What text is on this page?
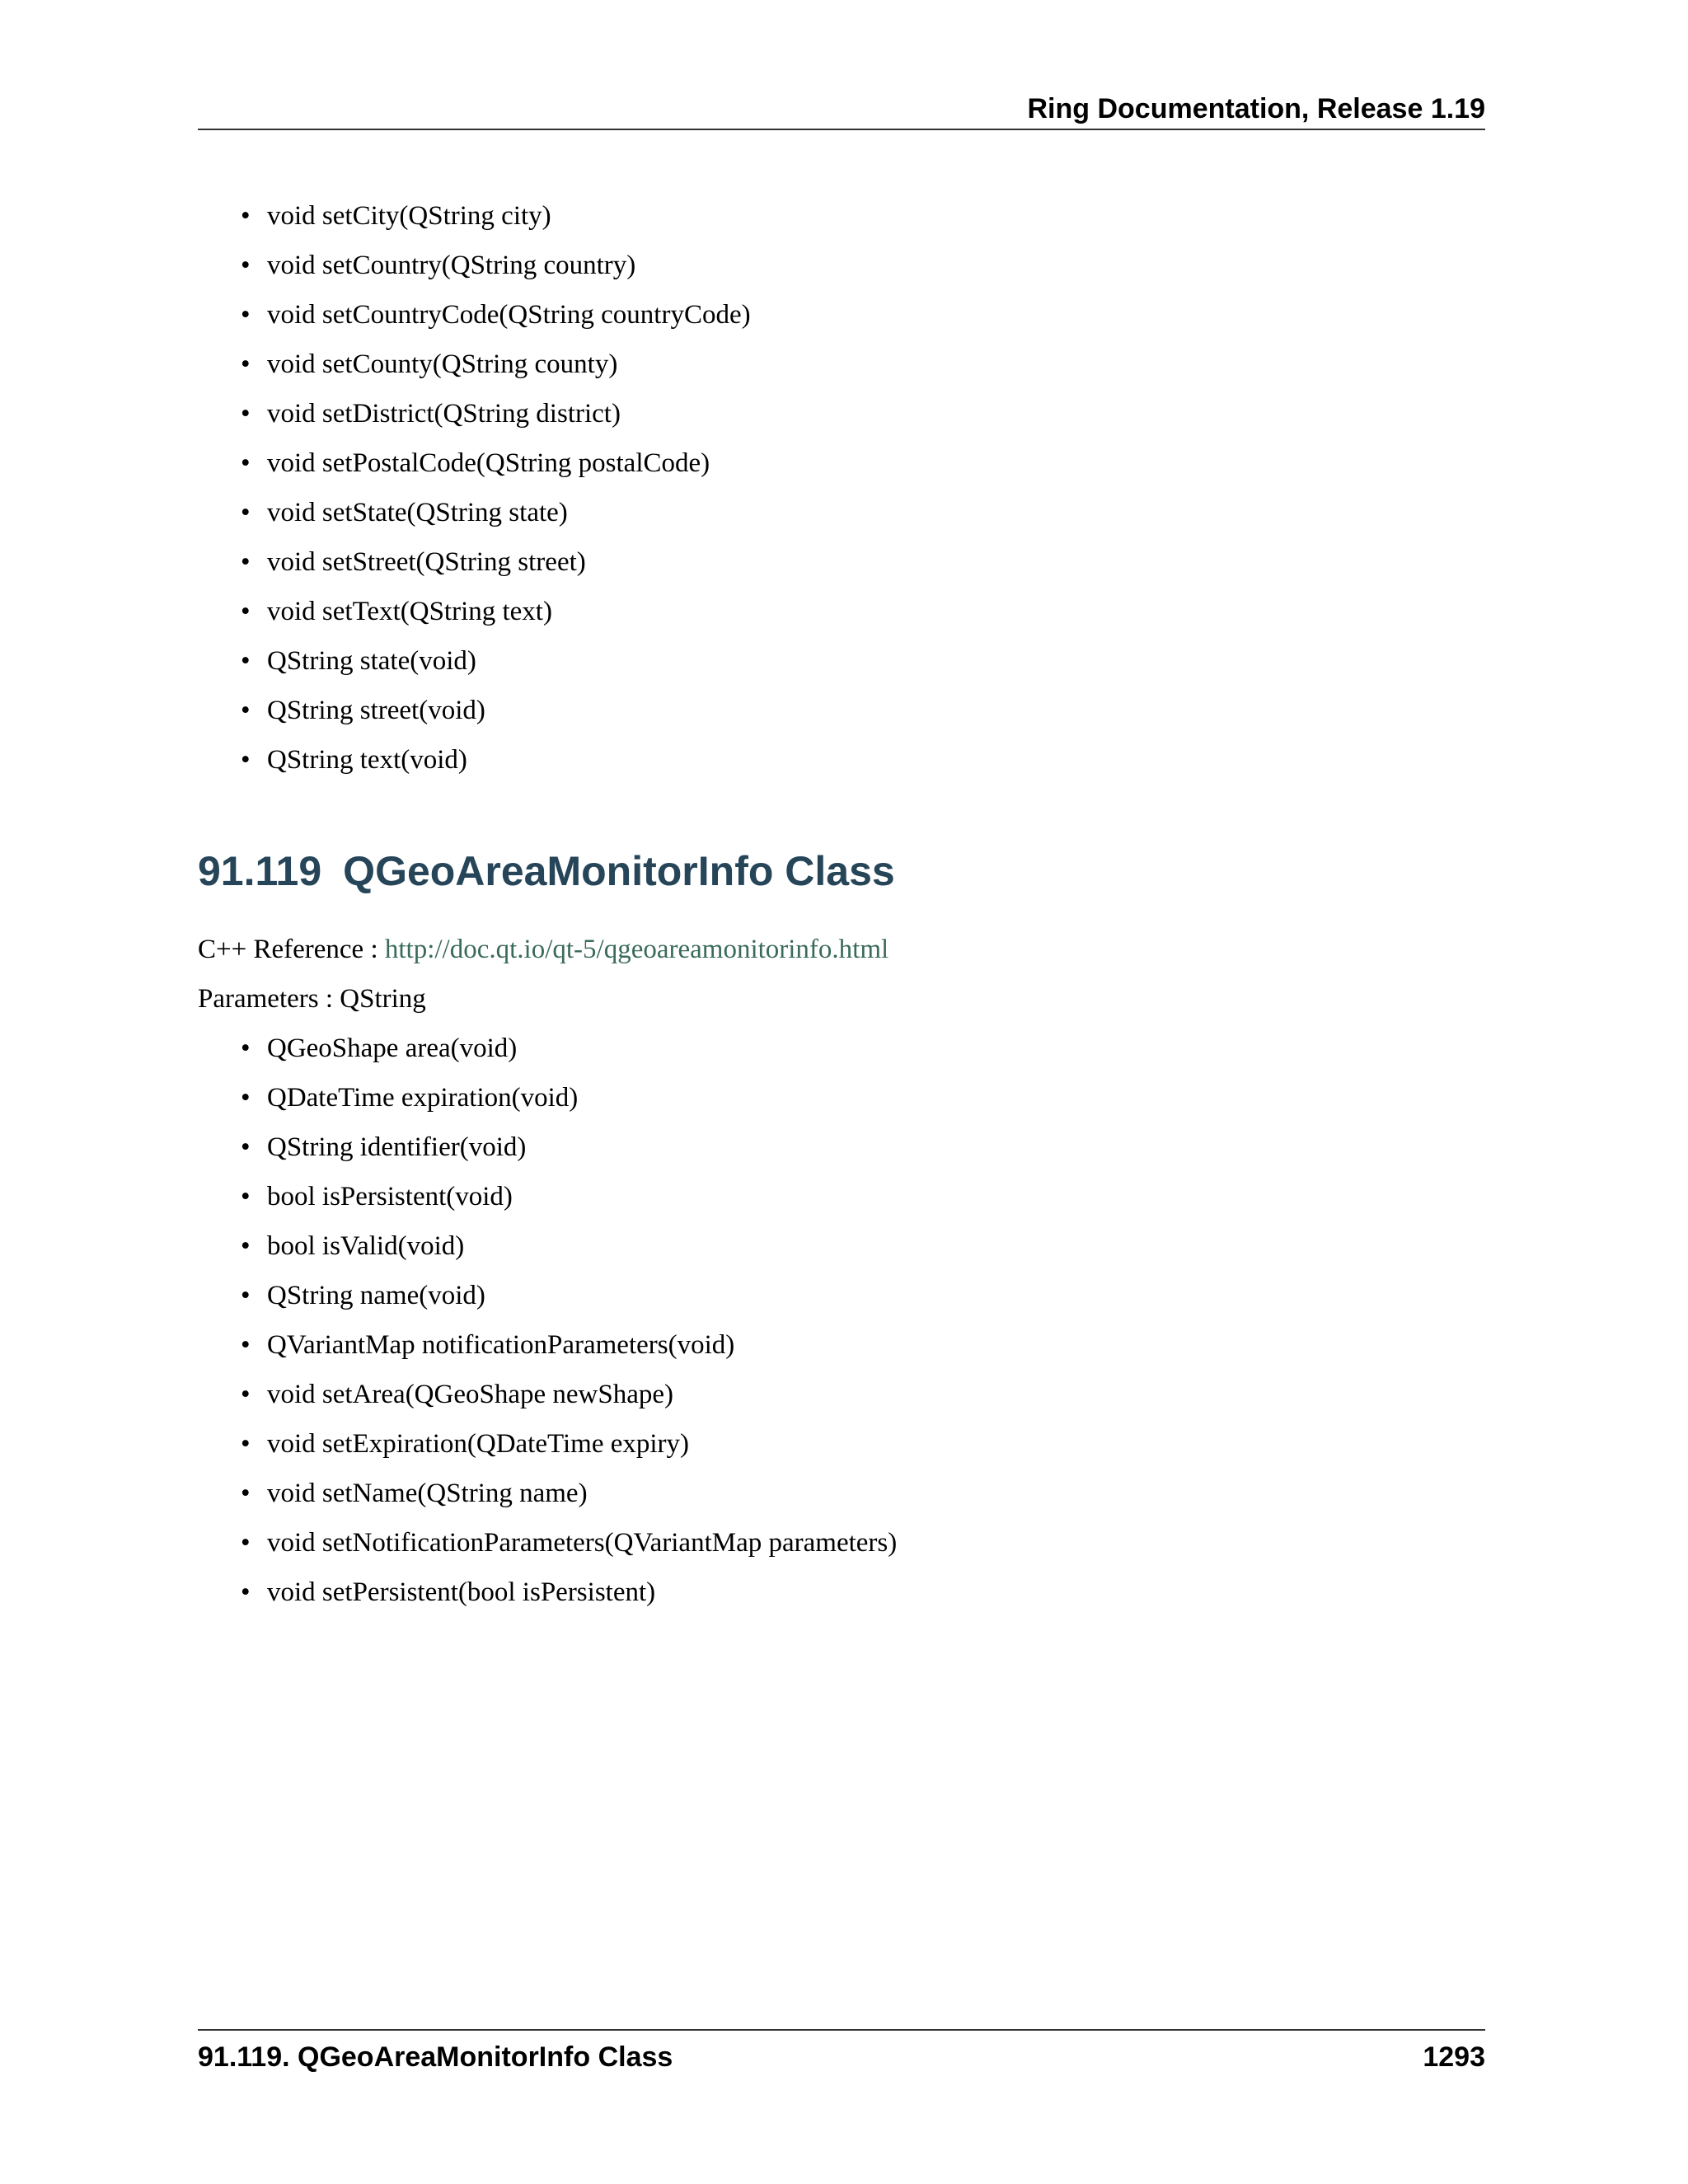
Ring Documentation, Release 1.19
• void setCity(QString city)
• void setCountry(QString country)
• void setCountryCode(QString countryCode)
• void setCounty(QString county)
• void setDistrict(QString district)
• void setPostalCode(QString postalCode)
• void setState(QString state)
• void setStreet(QString street)
• void setText(QString text)
• QString state(void)
• QString street(void)
• QString text(void)
91.119 QGeoAreaMonitorInfo Class
C++ Reference : http://doc.qt.io/qt-5/qgeoareamonitorinfo.html
Parameters : QString
• QGeoShape area(void)
• QDateTime expiration(void)
• QString identifier(void)
• bool isPersistent(void)
• bool isValid(void)
• QString name(void)
• QVariantMap notificationParameters(void)
• void setArea(QGeoShape newShape)
• void setExpiration(QDateTime expiry)
• void setName(QString name)
• void setNotificationParameters(QVariantMap parameters)
• void setPersistent(bool isPersistent)
91.119. QGeoAreaMonitorInfo Class	1293
